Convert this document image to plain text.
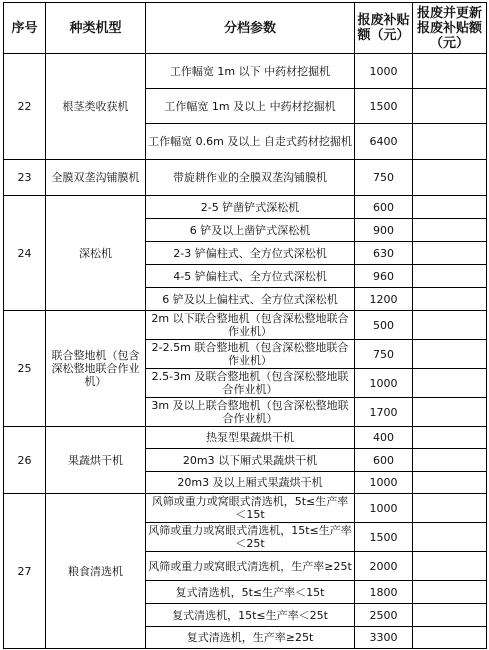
序号	种类机型	分档参数	报废补贴额（元）	报废并更新报废补贴额（元）
22	根茎类收获机	工作幅宽 1m 以下 中药材挖掘机	1000	
		工作幅宽 1m 及以上 中药材挖掘机	1500	
		工作幅宽 0.6m 及以上 自走式药材挖掘机	6400	
23	全膜双垄沟铺膜机	带旋耕作业的全膜双垄沟铺膜机	750	
24	深松机	2-5 铲凿铲式深松机	600	
		6 铲及以上凿铲式深松机	900	
		2-3 铲偏柱式、全方位式深松机	630	
		4-5 铲偏柱式、全方位式深松机	960	
		6 铲及以上偏柱式、全方位式深松机	1200	
25	联合整地机（包含深松整地联合作业机）	2m 以下联合整地机（包含深松整地联合作业机）	500	
		2-2.5m 联合整地机（包含深松整地联合作业机）	750	
		2.5-3m 及联合整地机（包含深松整地联合作业机）	1000	
		3m 及以上联合整地机（包含深松整地联合作业机）	1700	
26	果蔬烘干机	热泵型果蔬烘干机	400	
		20m3 以下厢式果蔬烘干机	600	
		20m3 及以上厢式果蔬烘干机	1000	
27	粮食清选机	风筛或重力或窝眼式清选机，5t≤生产率＜15t	1000	
		风筛或重力或窝眼式清选机，15t≤生产率＜25t	1500	
		风筛或重力或窝眼式清选机，生产率≥25t	2000	
		复式清选机，5t≤生产率＜15t	1800	
		复式清选机，15t≤生产率＜25t	2500	
		复式清选机，生产率≥25t	3300	
